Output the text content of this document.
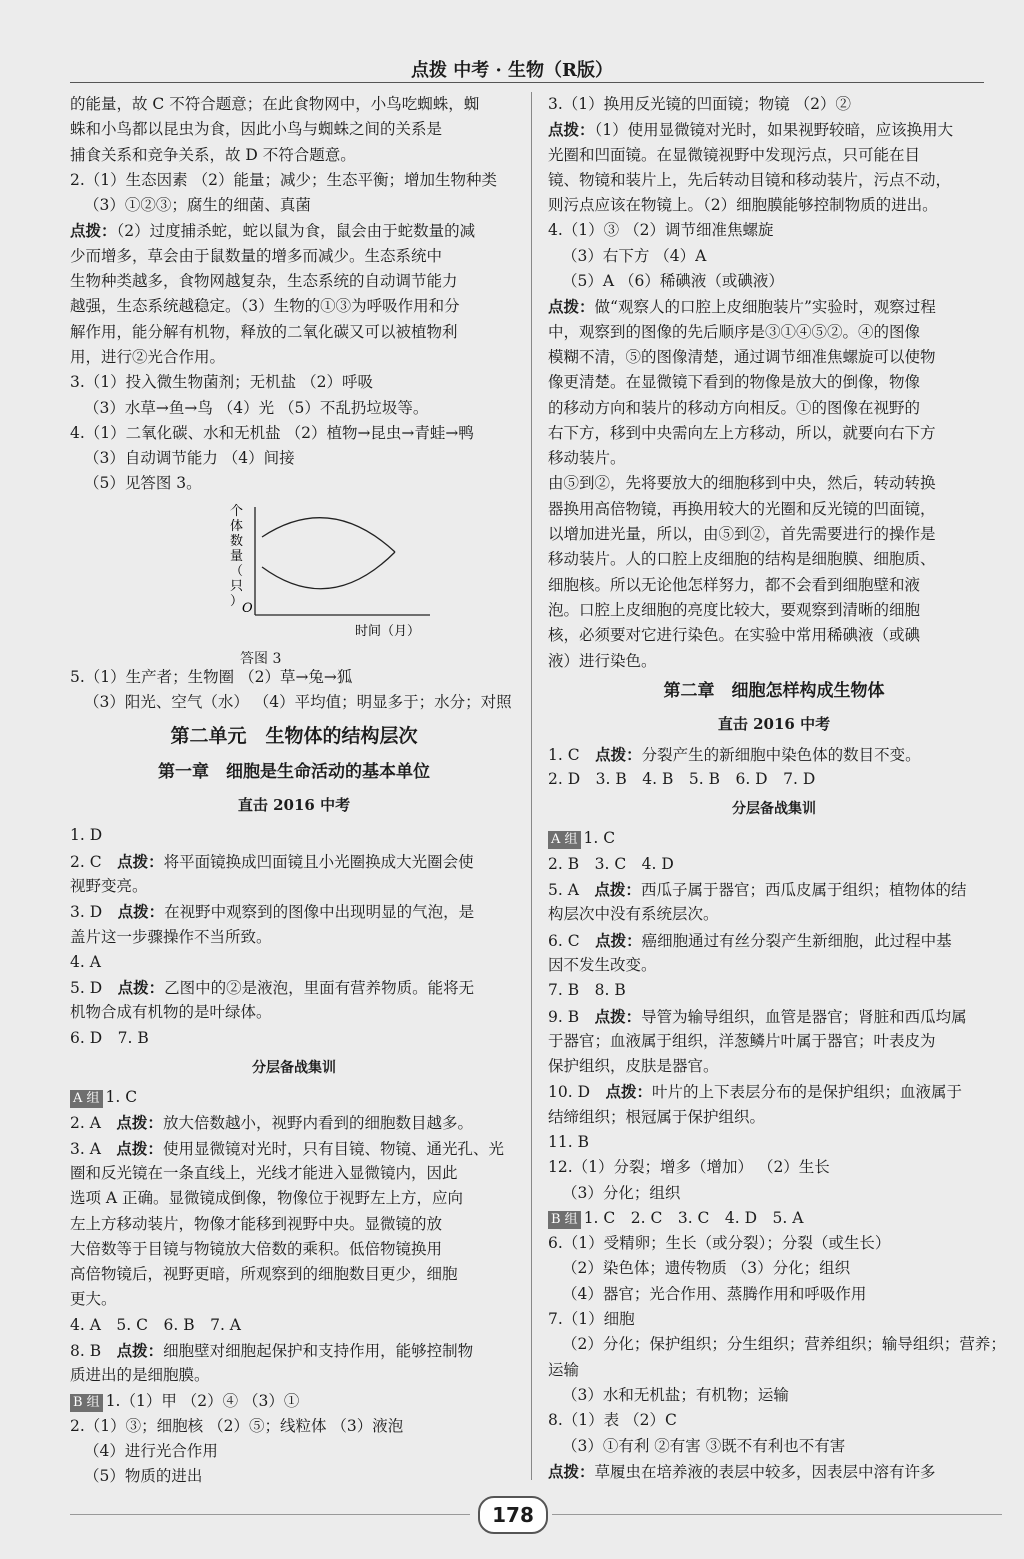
点拨 中考 · 生物（R版）
的能量，故 C 不符合题意；在此食物网中，小鸟吃蜘蛛，蜘
蛛和小鸟都以昆虫为食，因此小鸟与蜘蛛之间的关系是
捕食关系和竞争关系，故 D 不符合题意。
2.（1）生态因素 （2）能量；减少；生态平衡；增加生物种类
（3）①②③；腐生的细菌、真菌
点拨：（2）过度捕杀蛇，蛇以鼠为食，鼠会由于蛇数量的减
少而增多，草会由于鼠数量的增多而减少。生态系统中
生物种类越多，食物网越复杂，生态系统的自动调节能力
越强，生态系统越稳定。（3）生物的①③为呼吸作用和分
解作用，能分解有机物，释放的二氧化碳又可以被植物利
用，进行②光合作用。
3.（1）投入微生物菌剂；无机盐 （2）呼吸
（3）水草→鱼→鸟 （4）光 （5）不乱扔垃圾等。
4.（1）二氧化碳、水和无机盐 （2）植物→昆虫→青蛙→鸭
（3）自动调节能力 （4）间接
（5）见答图 3。
O
时间（月）
个体数量（只）
答图 3
5.（1）生产者；生物圈 （2）草→兔→狐
（3）阳光、空气（水） （4）平均值；明显多于；水分；对照
第二单元　生物体的结构层次
第一章　细胞是生命活动的基本单位
直击 2016 中考
1. D
2. C　点拨：将平面镜换成凹面镜且小光圈换成大光圈会使
视野变亮。
3. D　点拨：在视野中观察到的图像中出现明显的气泡，是
盖片这一步骤操作不当所致。
4. A
5. D　点拨：乙图中的②是液泡，里面有营养物质。能将无
机物合成有机物的是叶绿体。
6. D　7. B
分层备战集训
A 组 1. C
2. A　点拨：放大倍数越小，视野内看到的细胞数目越多。
3. A　点拨：使用显微镜对光时，只有目镜、物镜、通光孔、光
圈和反光镜在一条直线上，光线才能进入显微镜内，因此
选项 A 正确。显微镜成倒像，物像位于视野左上方，应向
左上方移动装片，物像才能移到视野中央。显微镜的放
大倍数等于目镜与物镜放大倍数的乘积。低倍物镜换用
高倍物镜后，视野更暗，所观察到的细胞数目更少，细胞
更大。
4. A　5. C　6. B　7. A
8. B　点拨：细胞壁对细胞起保护和支持作用，能够控制物
质进出的是细胞膜。
B 组 1.（1）甲 （2）④ （3）①
2.（1）③；细胞核 （2）⑤；线粒体 （3）液泡
（4）进行光合作用
（5）物质的进出
3.（1）换用反光镜的凹面镜；物镜 （2）②
点拨：（1）使用显微镜对光时，如果视野较暗，应该换用大
光圈和凹面镜。在显微镜视野中发现污点，只可能在目
镜、物镜和装片上，先后转动目镜和移动装片，污点不动，
则污点应该在物镜上。（2）细胞膜能够控制物质的进出。
4.（1）③ （2）调节细准焦螺旋
（3）右下方 （4）A
（5）A （6）稀碘液（或碘液）
点拨：做“观察人的口腔上皮细胞装片”实验时，观察过程
中，观察到的图像的先后顺序是③①④⑤②。④的图像
模糊不清，⑤的图像清楚，通过调节细准焦螺旋可以使物
像更清楚。在显微镜下看到的物像是放大的倒像，物像
的移动方向和装片的移动方向相反。①的图像在视野的
右下方，移到中央需向左上方移动，所以，就要向右下方
移动装片。
由⑤到②，先将要放大的细胞移到中央，然后，转动转换
器换用高倍物镜，再换用较大的光圈和反光镜的凹面镜，
以增加进光量，所以，由⑤到②，首先需要进行的操作是
移动装片。人的口腔上皮细胞的结构是细胞膜、细胞质、
细胞核。所以无论他怎样努力，都不会看到细胞壁和液
泡。口腔上皮细胞的亮度比较大，要观察到清晰的细胞
核，必须要对它进行染色。在实验中常用稀碘液（或碘
液）进行染色。
第二章　细胞怎样构成生物体
直击 2016 中考
1. C　点拨：分裂产生的新细胞中染色体的数目不变。
2. D　3. B　4. B　5. B　6. D　7. D
分层备战集训
A 组 1. C
2. B　3. C　4. D
5. A　点拨：西瓜子属于器官；西瓜皮属于组织；植物体的结
构层次中没有系统层次。
6. C　点拨：癌细胞通过有丝分裂产生新细胞，此过程中基
因不发生改变。
7. B　8. B
9. B　点拨：导管为输导组织，血管是器官；肾脏和西瓜均属
于器官；血液属于组织，洋葱鳞片叶属于器官；叶表皮为
保护组织，皮肤是器官。
10. D　点拨：叶片的上下表层分布的是保护组织；血液属于
结缔组织；根冠属于保护组织。
11. B
12.（1）分裂；增多（增加） （2）生长
（3）分化；组织
B 组 1. C　2. C　3. C　4. D　5. A
6.（1）受精卵；生长（或分裂）；分裂（或生长）
（2）染色体；遗传物质 （3）分化；组织
（4）器官；光合作用、蒸腾作用和呼吸作用
7.（1）细胞
（2）分化；保护组织；分生组织；营养组织；输导组织；营养；
运输
（3）水和无机盐；有机物；运输
8.（1）表 （2）C
（3）①有利 ②有害 ③既不有利也不有害
点拨：草履虫在培养液的表层中较多，因表层中溶有许多
178
